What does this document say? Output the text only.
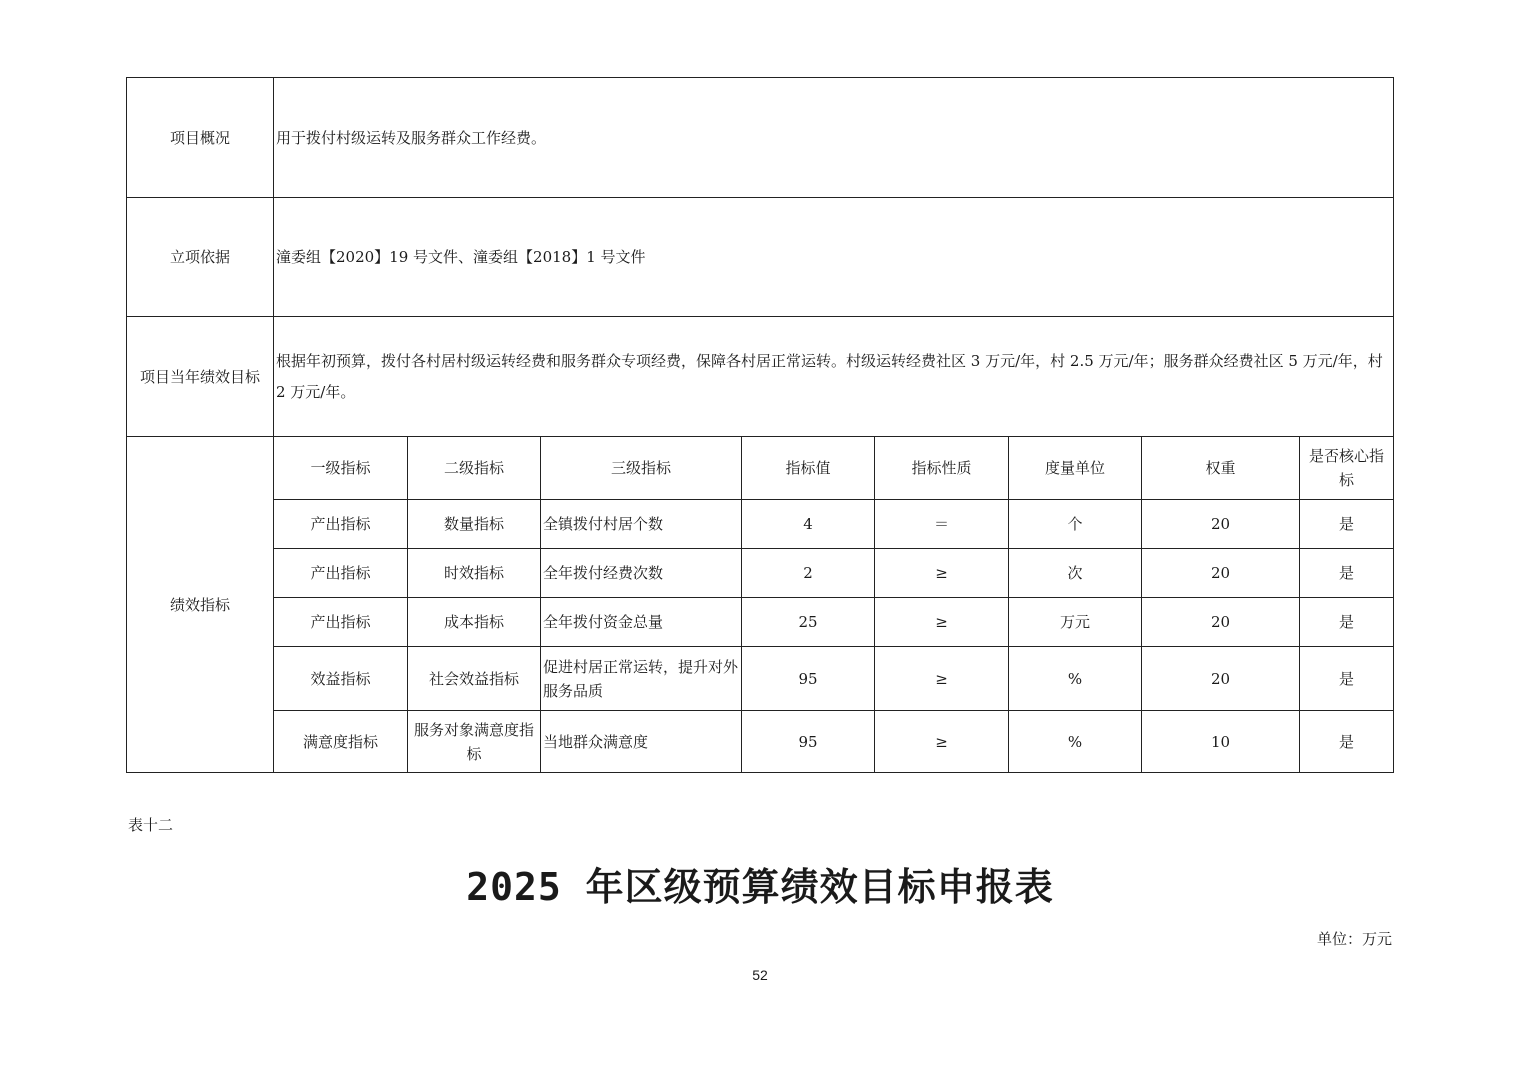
项目概况	用于拨付村级运转及服务群众工作经费。							
立项依据	潼委组【2020】19 号文件、潼委组【2018】1 号文件							
项目当年绩效目标	根据年初预算，拨付各村居村级运转经费和服务群众专项经费，保障各村居正常运转。村级运转经费社区 3 万元/年，村 2.5 万元/年；服务群众经费社区 5 万元/年，村 2 万元/年。							
绩效指标	一级指标	二级指标	三级指标	指标值	指标性质	度量单位	权重	是否核心指标
	产出指标	数量指标	全镇拨付村居个数	4	＝	个	20	是
	产出指标	时效指标	全年拨付经费次数	2	≥	次	20	是
	产出指标	成本指标	全年拨付资金总量	25	≥	万元	20	是
	效益指标	社会效益指标	促进村居正常运转，提升对外服务品质	95	≥	%	20	是
	满意度指标	服务对象满意度指标	当地群众满意度	95	≥	%	10	是
表十二
2025 年区级预算绩效目标申报表
单位：万元
52
